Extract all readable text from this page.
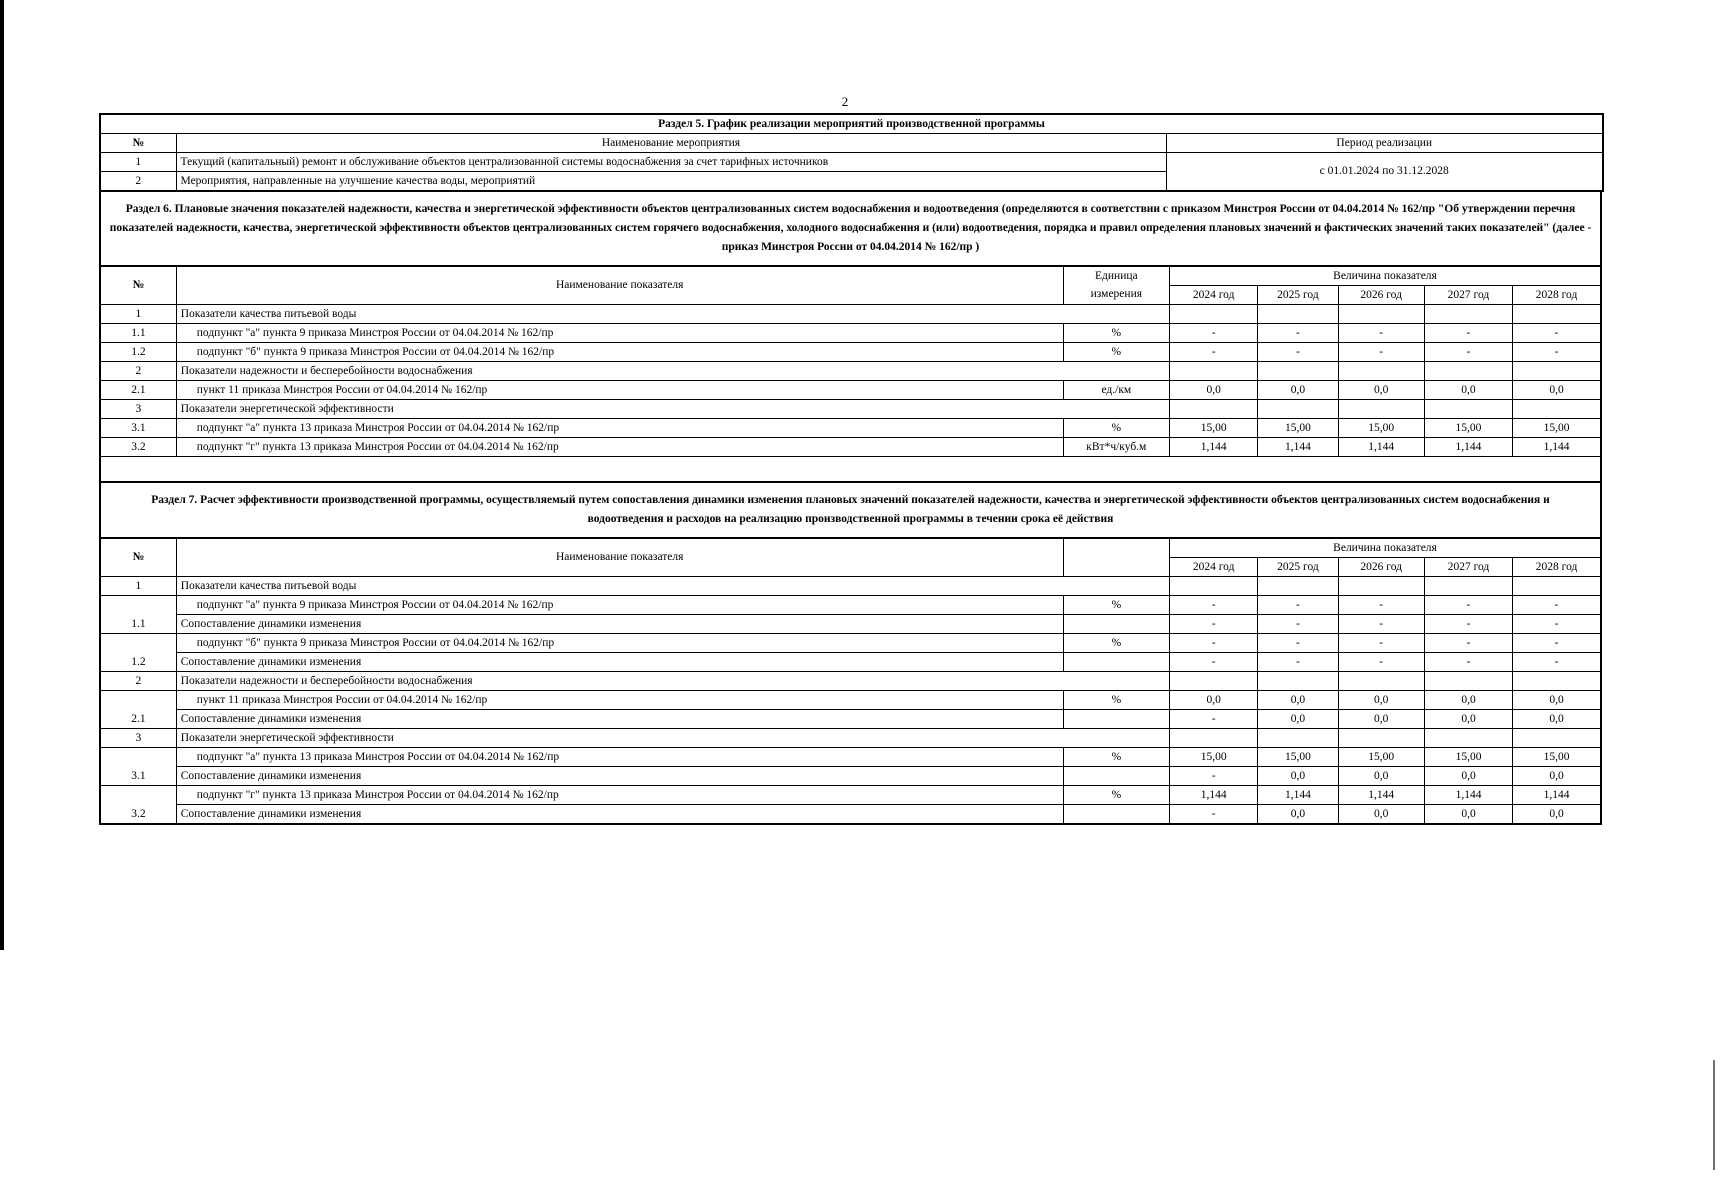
2
Раздел 5. График реализации мероприятий производственной программы		
№	Наименование мероприятия	Период реализации
1	Текущий (капитальный) ремонт и обслуживание объектов централизованной системы водоснабжения за счет тарифных источников	с 01.01.2024 по 31.12.2028
2	Мероприятия, направленные на улучшение качества воды, мероприятий	
Раздел 6. Плановые значения показателей надежности, качества и энергетической эффективности объектов централизованных систем водоснабжения и водоотведения (определяются в соответствии с приказом Минстроя России от 04.04.2014 № 162/пр "Об утверждении перечня показателей надежности, качества, энергетической эффективности объектов централизованных систем горячего водоснабжения, холодного водоснабжения и (или) водоотведения, порядка и правил определения плановых значений и фактических значений таких показателей" (далее - приказ Минстроя России от 04.04.2014 № 162/пр )							

№	Наименование показателя	Единица	Величина показателя				
		измерения	2024 год	2025 год	2026 год	2027 год	2028 год
1	Показатели качества питьевой воды						
1.1	подпункт "а" пункта 9 приказа Минстроя России от 04.04.2014 № 162/пр	%	-	-	-	-	-
1.2	подпункт "б" пункта 9 приказа Минстроя России от 04.04.2014 № 162/пр	%	-	-	-	-	-
2	Показатели надежности и бесперебойности водоснабжения						
2.1	пункт 11 приказа Минстроя России от 04.04.2014 № 162/пр	ед./км	0,0	0,0	0,0	0,0	0,0
3	Показатели энергетической эффективности						
3.1	подпункт "а" пункта 13 приказа Минстроя России от 04.04.2014 № 162/пр	%	15,00	15,00	15,00	15,00	15,00
3.2	подпункт "г" пункта 13 приказа Минстроя России от 04.04.2014 № 162/пр	кВт*ч/куб.м	1,144	1,144	1,144	1,144	1,144

Раздел 7. Расчет эффективности производственной программы, осуществляемый путем сопоставления динамики изменения плановых значений показателей надежности, качества и энергетической эффективности объектов централизованных систем водоснабжения и водоотведения и расходов на реализацию производственной программы в течении срока её действия							

№	Наименование показателя		Величина показателя				
			2024 год	2025 год	2026 год	2027 год	2028 год
1	Показатели качества питьевой воды						
1.1	подпункт "а" пункта 9 приказа Минстроя России от 04.04.2014 № 162/пр	%	-	-	-	-	-
	Сопоставление динамики изменения		-	-	-	-	-
1.2	подпункт "б" пункта 9 приказа Минстроя России от 04.04.2014 № 162/пр	%	-	-	-	-	-
	Сопоставление динамики изменения		-	-	-	-	-
2	Показатели надежности и бесперебойности водоснабжения						
2.1	пункт 11 приказа Минстроя России от 04.04.2014 № 162/пр	%	0,0	0,0	0,0	0,0	0,0
	Сопоставление динамики изменения		-	0,0	0,0	0,0	0,0
3	Показатели энергетической эффективности						
3.1	подпункт "а" пункта 13 приказа Минстроя России от 04.04.2014 № 162/пр	%	15,00	15,00	15,00	15,00	15,00
	Сопоставление динамики изменения		-	0,0	0,0	0,0	0,0
3.2	подпункт "г" пункта 13 приказа Минстроя России от 04.04.2014 № 162/пр	%	1,144	1,144	1,144	1,144	1,144
	Сопоставление динамики изменения		-	0,0	0,0	0,0	0,0
